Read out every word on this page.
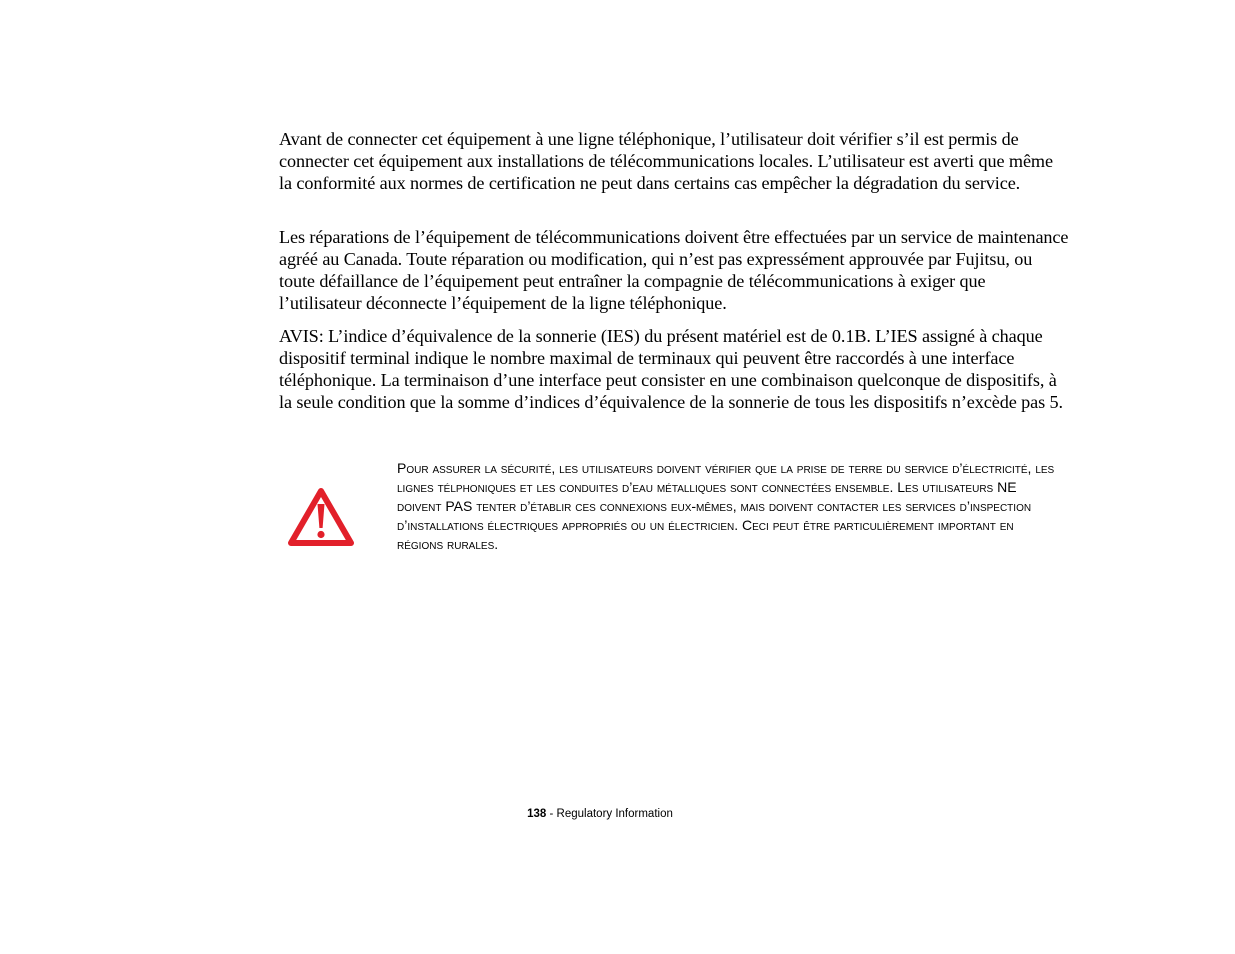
Avant de connecter cet équipement à une ligne téléphonique, l’utilisateur doit vérifier s’il est permis de connecter cet équipement aux installations de télécommunications locales. L’utilisateur est averti que même la conformité aux normes de certification ne peut dans certains cas empêcher la dégradation du service.

Les réparations de l’équipement de télécommunications doivent être effectuées par un service de maintenance agréé au Canada. Toute réparation ou modification, qui n’est pas expressément approuvée par Fujitsu, ou toute défaillance de l’équipement peut entraîner la compagnie de télécommunications à exiger que l’utilisateur déconnecte l’équipement de la ligne téléphonique.

AVIS: L’indice d’équivalence de la sonnerie (IES) du présent matériel est de 0.1B. L’IES assigné à chaque dispositif terminal indique le nombre maximal de terminaux qui peuvent être raccordés à une interface téléphonique. La terminaison d’une interface peut consister en une combinaison quelconque de dispositifs, à la seule condition que la somme d’indices d’équivalence de la sonnerie de tous les dispositifs n’excède pas 5.

Pour assurer la sécurité, les utilisateurs doivent vérifier que la prise de terre du service d’électricité, les lignes télphoniques et les conduites d’eau métalliques sont connectées ensemble. Les utilisateurs NE doivent PAS tenter d’établir ces connexions eux-mêmes, mais doivent contacter les services d’inspection d’installations électriques appropriés ou un électricien. Ceci peut être particulièrement important en régions rurales.

138 - Regulatory Information
